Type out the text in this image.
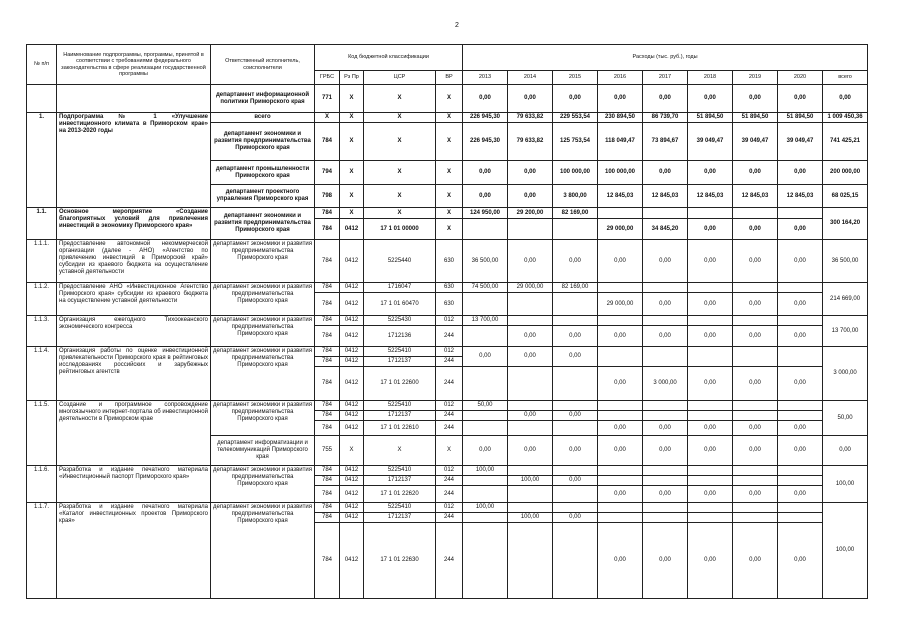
2
№ п/п	Наименование подпрограммы, программы, принятой в соответствии с требованиями федерального законодательства в сфере реализации государственной программы	Ответственный исполнитель, соисполнители	Код бюджетной классификации				Расходы (тыс. руб.), годы								
			ГРБС	Рз Пр	ЦСР	ВР	2013	2014	2015	2016	2017	2018	2019	2020	всего
		департамент информационной политики Приморского края	771	X	X	X	0,00	0,00	0,00	0,00	0,00	0,00	0,00	0,00	0,00
1.	Подпрограмма № 1 «Улучшение инвестиционного климата в Приморском крае» на 2013-2020 годы	всего	X	X	X	X	226 945,30	79 633,82	229 553,54	230 894,50	86 739,70	51 894,50	51 894,50	51 894,50	1 009 450,36
		департамент экономики и развития предпринимательства Приморского края	784	X	X	X	226 945,30	79 633,82	125 753,54	118 049,47	73 894,67	39 049,47	39 049,47	39 049,47	741 425,21
		департамент промышленности Приморского края	794	X	X	X	0,00	0,00	100 000,00	100 000,00	0,00	0,00	0,00	0,00	200 000,00
		департамент проектного управления Приморского края	798	X	X	X	0,00	0,00	3 800,00	12 845,03	12 845,03	12 845,03	12 845,03	12 845,03	68 025,15
1.1.	Основное мероприятие «Создание благоприятных условий для привлечения инвестиций в экономику Приморского края»	департамент экономики и развития предпринимательства Приморского края	784	X	X	X	124 950,00	29 200,00	82 169,00						300 164,20
			784	0412	17 1 01 00000	X				29 000,00	34 845,20	0,00	0,00	0,00	
1.1.1.	Предоставление автономной некоммерческой организации (далее - АНО) «Агентство по привлечению инвестиций в Приморский край» субсидии из краевого бюджета на осуществление уставной деятельности	департамент экономики и развития предпринимательства Приморского края	784	0412	5225440	630	36 500,00	0,00	0,00	0,00	0,00	0,00	0,00	0,00	36 500,00
1.1.2.	Предоставление АНО «Инвестиционное Агентство Приморского края» субсидии из краевого бюджета на осуществление уставной деятельности	департамент экономики и развития предпринимательства Приморского края	784	0412	1716047	630	74 500,00	29 000,00	82 169,00						214 669,00
			784	0412	17 1 01 60470	630				29 000,00	0,00	0,00	0,00	0,00	
1.1.3.	Организация ежегодного Тихоокеанского экономического конгресса	департамент экономики и развития предпринимательства Приморского края	784	0412	5225430	012	13 700,00								13 700,00
			784	0412	1712136	244		0,00	0,00	0,00	0,00	0,00	0,00	0,00	
1.1.4.	Организация работы по оценке инвестиционной привлекательности Приморского края в рейтинговых исследованиях российских и зарубежных рейтинговых агентств	департамент экономики и развития предпринимательства Приморского края	784	0412	5225410	012	0,00	0,00	0,00						3 000,00
			784	0412	1712137	244									
			784	0412	17 1 01 22600	244				0,00	3 000,00	0,00	0,00	0,00	
1.1.5.	Создание и программное сопровождение многоязычного интернет-портала об инвестиционной деятельности в Приморском крае	департамент экономики и развития предпринимательства Приморского края	784	0412	5225410	012	50,00								50,00
			784	0412	1712137	244		0,00	0,00						
			784	0412	17 1 01 22610	244				0,00	0,00	0,00	0,00	0,00	
		департамент информатизации и телекоммуникаций Приморского края	755	X	X	X	0,00	0,00	0,00	0,00	0,00	0,00	0,00	0,00	0,00
1.1.6.	Разработка и издание печатного материала «Инвестиционный паспорт Приморского края»	департамент экономики и развития предпринимательства Приморского края	784	0412	5225410	012	100,00								100,00
			784	0412	1712137	244		100,00	0,00						
			784	0412	17 1 01 22620	244				0,00	0,00	0,00	0,00	0,00	
1.1.7.	Разработка и издание печатного материала «Каталог инвестиционных проектов Приморского края»	департамент экономики и развития предпринимательства Приморского края	784	0412	5225410	012	100,00								100,00
			784	0412	1712137	244		100,00	0,00						
			784	0412	17 1 01 22630	244				0,00	0,00	0,00	0,00	0,00	
